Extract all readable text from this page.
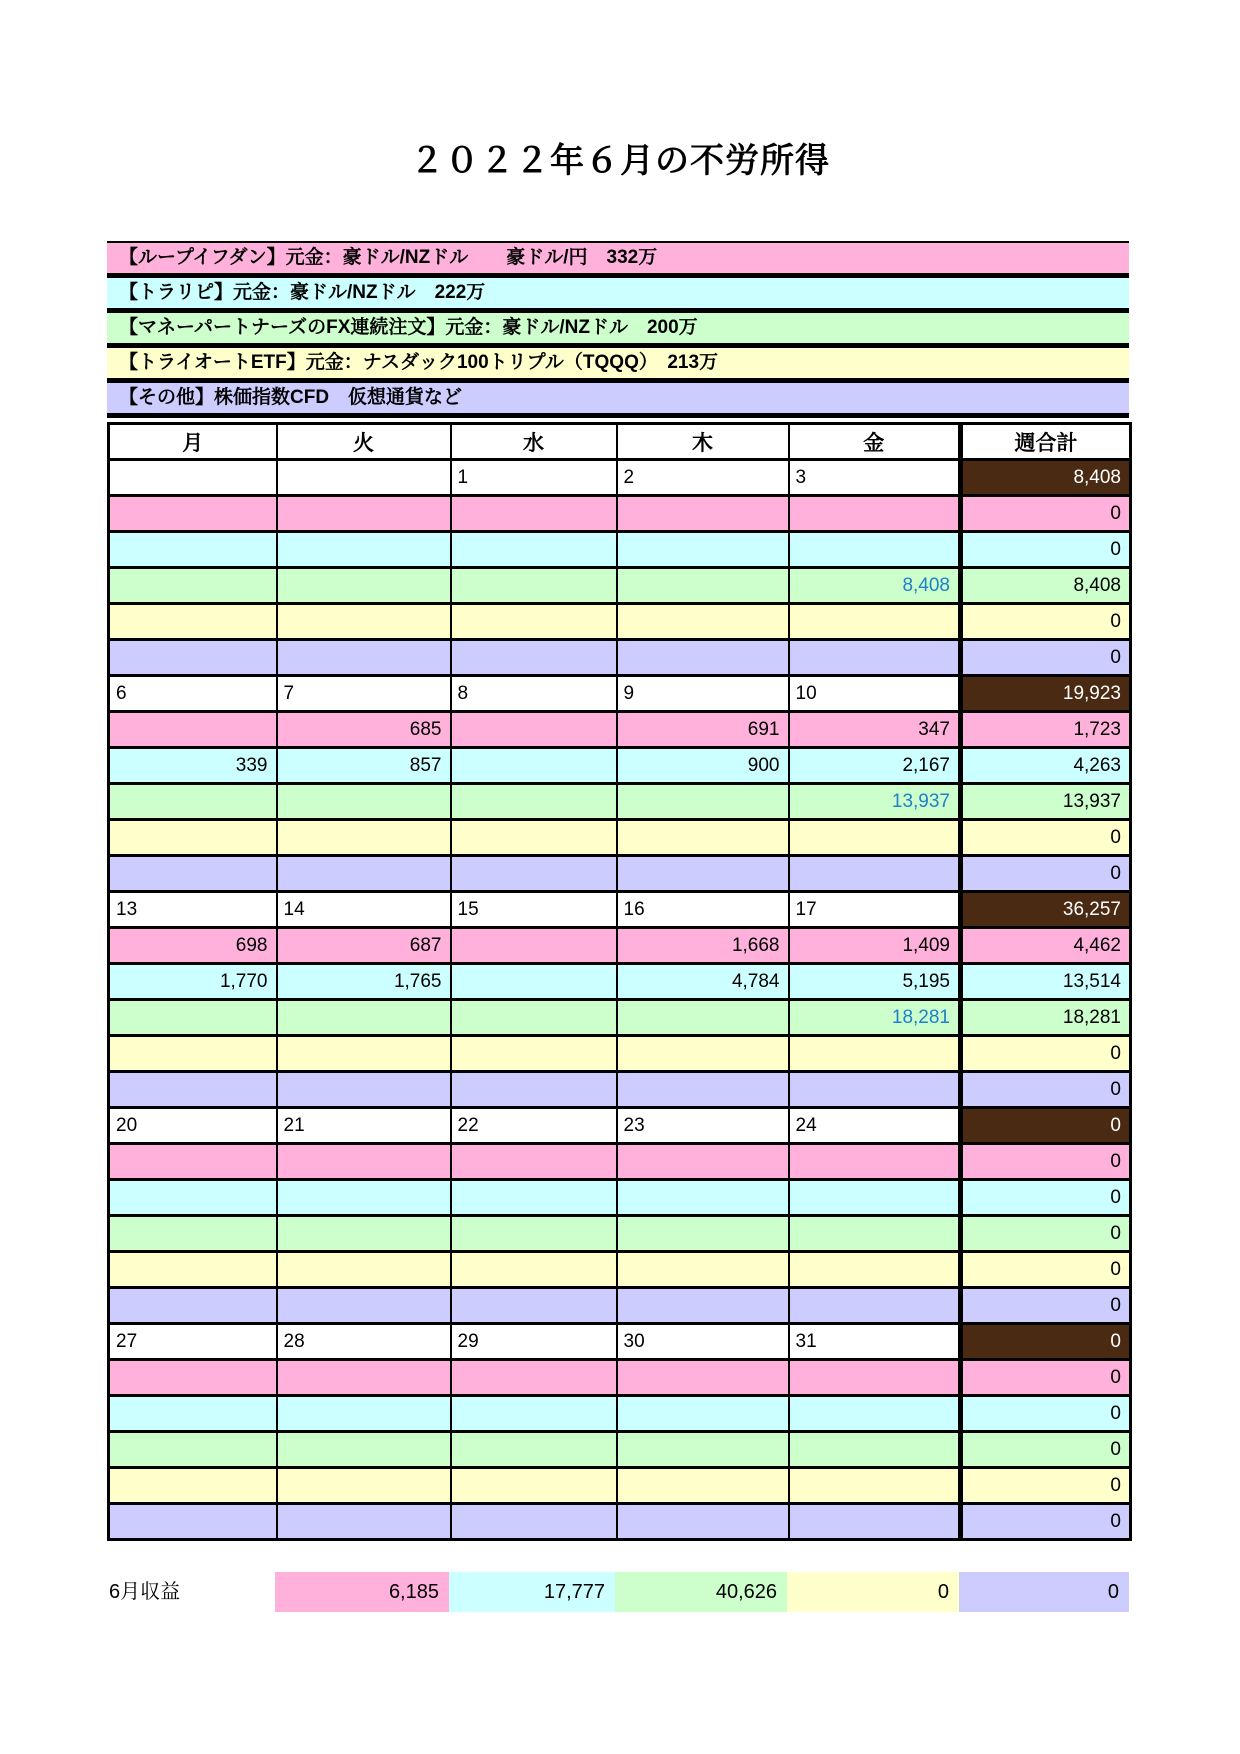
２０２２年６月の不労所得
【ループイフダン】元金：豪ドル/NZドル　　豪ドル/円　332万
【トラリピ】元金：豪ドル/NZドル　222万
【マネーパートナーズのFX連続注文】元金：豪ドル/NZドル　200万
【トライオートETF】元金：ナスダック100トリプル（TQQQ）　213万
【その他】株価指数CFD　仮想通貨など
月	火	水	木	金	週合計
		1	2	3	8,408
					0
					0
				8,408	8,408
					0
					0
6	7	8	9	10	19,923
	685		691	347	1,723
339	857		900	2,167	4,263
				13,937	13,937
					0
					0
13	14	15	16	17	36,257
698	687		1,668	1,409	4,462
1,770	1,765		4,784	5,195	13,514
				18,281	18,281
					0
					0
20	21	22	23	24	0
					0
					0
					0
					0
					0
27	28	29	30	31	0
					0
					0
					0
					0
					0
6月収益	6,185	17,777	40,626	0	0
